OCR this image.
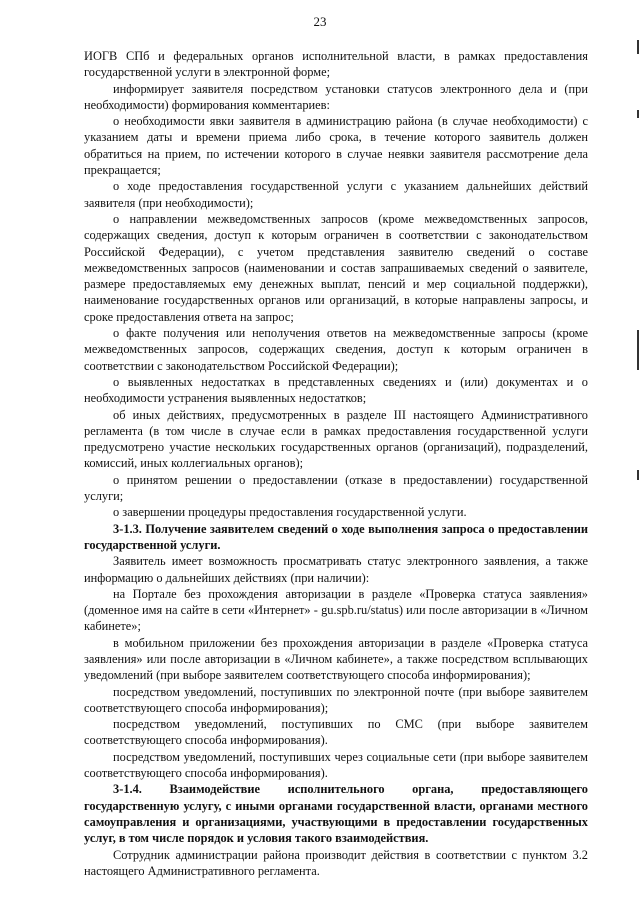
23

ИОГВ СПб и федеральных органов исполнительной власти, в рамках предоставления государственной услуги в электронной форме;

информирует заявителя посредством установки статусов электронного дела и (при необходимости) формирования комментариев:

о необходимости явки заявителя в администрацию района (в случае необходимости) с указанием даты и времени приема либо срока, в течение которого заявитель должен обратиться на прием, по истечении которого в случае неявки заявителя рассмотрение дела прекращается;

о ходе предоставления государственной услуги с указанием дальнейших действий заявителя (при необходимости);

о направлении межведомственных запросов (кроме межведомственных запросов, содержащих сведения, доступ к которым ограничен в соответствии с законодательством Российской Федерации), с учетом представления заявителю сведений о составе межведомственных запросов (наименовании и состав запрашиваемых сведений о заявителе, размере предоставляемых ему денежных выплат, пенсий и мер социальной поддержки), наименование государственных органов или организаций, в которые направлены запросы, и сроке предоставления ответа на запрос;

о факте получения или неполучения ответов на межведомственные запросы (кроме межведомственных запросов, содержащих сведения, доступ к которым ограничен в соответствии с законодательством Российской Федерации);

о выявленных недостатках в представленных сведениях и (или) документах и о необходимости устранения выявленных недостатков;

об иных действиях, предусмотренных в разделе III настоящего Административного регламента (в том числе в случае если в рамках предоставления государственной услуги предусмотрено участие нескольких государственных органов (организаций), подразделений, комиссий, иных коллегиальных органов);

о принятом решении о предоставлении (отказе в предоставлении) государственной услуги;

о завершении процедуры предоставления государственной услуги.

3-1.3. Получение заявителем сведений о ходе выполнения запроса о предоставлении государственной услуги.

Заявитель имеет возможность просматривать статус электронного заявления, а также информацию о дальнейших действиях (при наличии):

на Портале без прохождения авторизации в разделе «Проверка статуса заявления» (доменное имя на сайте в сети «Интернет» - gu.spb.ru/status) или после авторизации в «Личном кабинете»;

в мобильном приложении без прохождения авторизации в разделе «Проверка статуса заявления» или после авторизации в «Личном кабинете», а также посредством всплывающих уведомлений (при выборе заявителем соответствующего способа информирования);

посредством уведомлений, поступивших по электронной почте (при выборе заявителем соответствующего способа информирования);

посредством уведомлений, поступивших по СМС (при выборе заявителем соответствующего способа информирования).

посредством уведомлений, поступивших через социальные сети (при выборе заявителем соответствующего способа информирования).

3-1.4. Взаимодействие исполнительного органа, предоставляющего государственную услугу, с иными органами государственной власти, органами местного самоуправления и организациями, участвующими в предоставлении государственных услуг, в том числе порядок и условия такого взаимодействия.

Сотрудник администрации района производит действия в соответствии с пунктом 3.2 настоящего Административного регламента.
